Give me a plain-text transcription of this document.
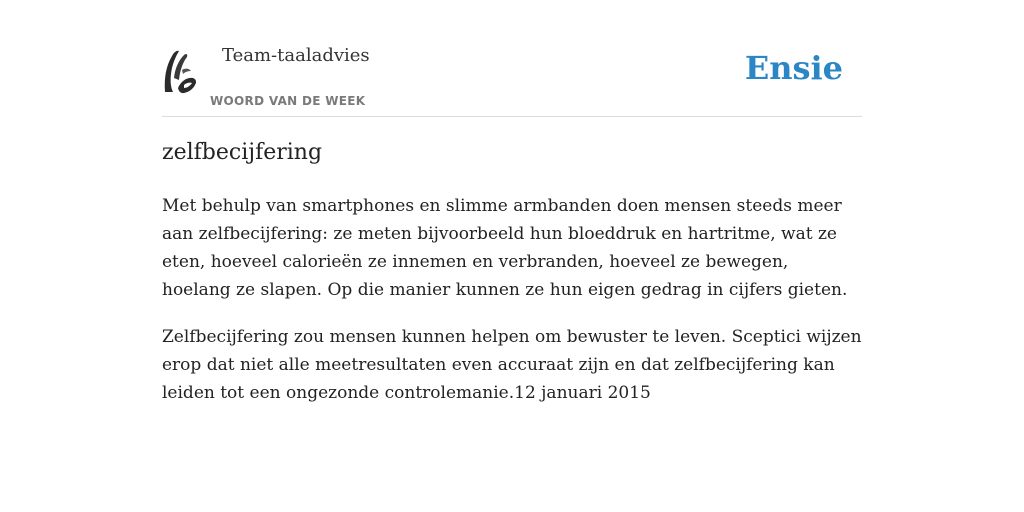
Team-taaladvies
WOORD VAN DE WEEK
Ensie
zelfbecijfering

Met behulp van smartphones en slimme armbanden doen mensen steeds meer aan zelfbecijfering: ze meten bijvoorbeeld hun bloeddruk en hartritme, wat ze eten, hoeveel calorieën ze innemen en verbranden, hoeveel ze bewegen, hoelang ze slapen. Op die manier kunnen ze hun eigen gedrag in cijfers gieten.

Zelfbecijfering zou mensen kunnen helpen om bewuster te leven. Sceptici wijzen erop dat niet alle meetresultaten even accuraat zijn en dat zelfbecijfering kan leiden tot een ongezonde controlemanie.12 januari 2015
